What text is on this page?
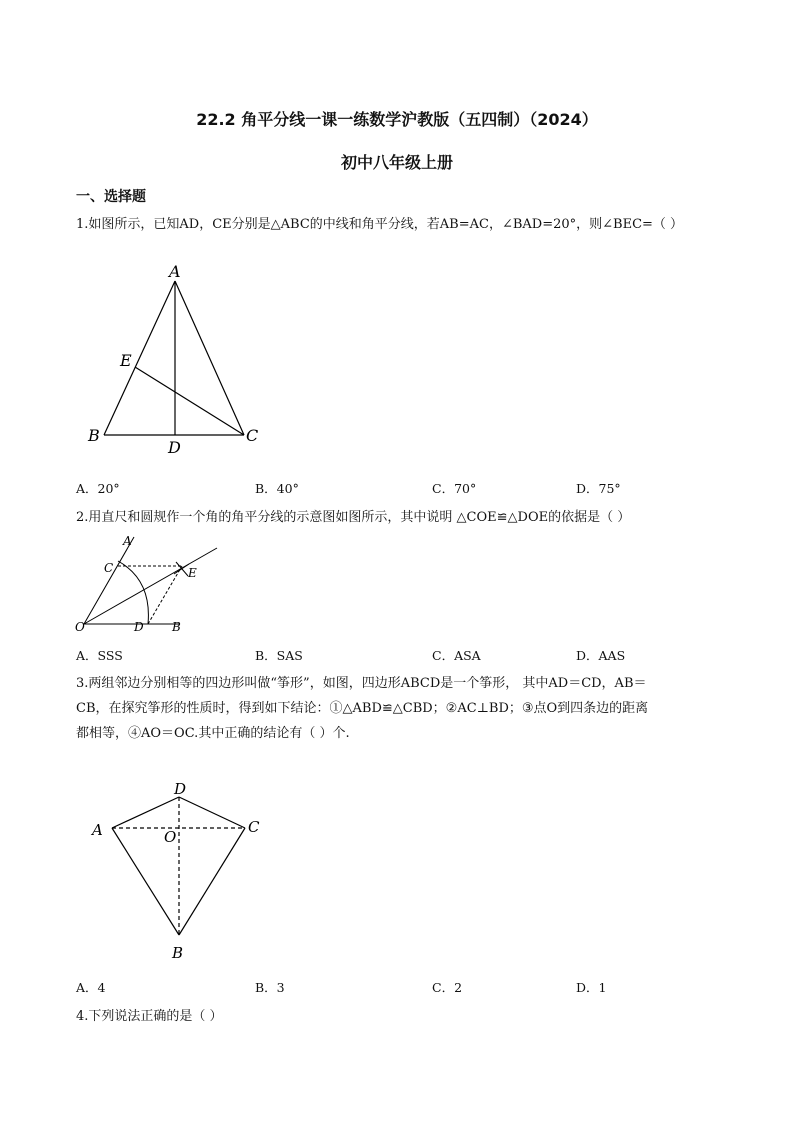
22.2 角平分线一课一练数学沪教版（五四制）（2024）
初中八年级上册
一、选择题
1.如图所示，已知AD，CE分别是△ABC的中线和角平分线，若AB=AC，∠BAD=20°，则∠BEC=（ ）
A
E
B
D
C
A．20°	B．40°	C．70°	D．75°
2.用直尺和圆规作一个角的角平分线的示意图如图所示，其中说明 △COE≌△DOE的依据是（ ）
A
C	E
O	D B
A．SSS	B．SAS	C．ASA	D．AAS
3.两组邻边分别相等的四边形叫做“筝形”，如图，四边形ABCD是一个筝形， 其中AD＝CD，AB＝
CB，在探究筝形的性质时，得到如下结论：①△ABD≌△CBD；②AC⊥BD；③点O到四条边的距离
都相等，④AO＝OC.其中正确的结论有（ ）个.
D
A	O
C
B
A．4	B．3	C．2	D．1
4.下列说法正确的是（ ）
